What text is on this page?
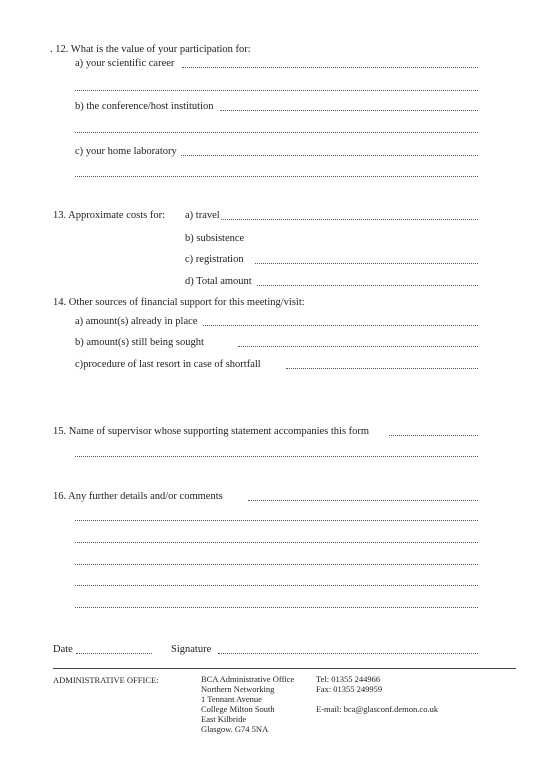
. 12. What is the value of your participation for:
a) your scientific career
b) the conference/host institution
c) your home laboratory
13. Approximate costs for: a) travel
b) subsistence
c) registration
d) Total amount
14. Other sources of financial support for this meeting/visit:
a) amount(s) already in place
b) amount(s) still being sought
c)procedure of last resort in case of shortfall
15. Name of supervisor whose supporting statement accompanies this form
16. Any further details and/or comments
Date	Signature
ADMINISTRATIVE OFFICE:	BCA Administrative Office
Northern Networking
1 Tennant Avenue
College Milton South
East Kilbride
Glasgow. G74 5NA
Tel: 01355 244966
Fax: 01355 249959
E-mail: bca@glasconf.demon.co.uk
